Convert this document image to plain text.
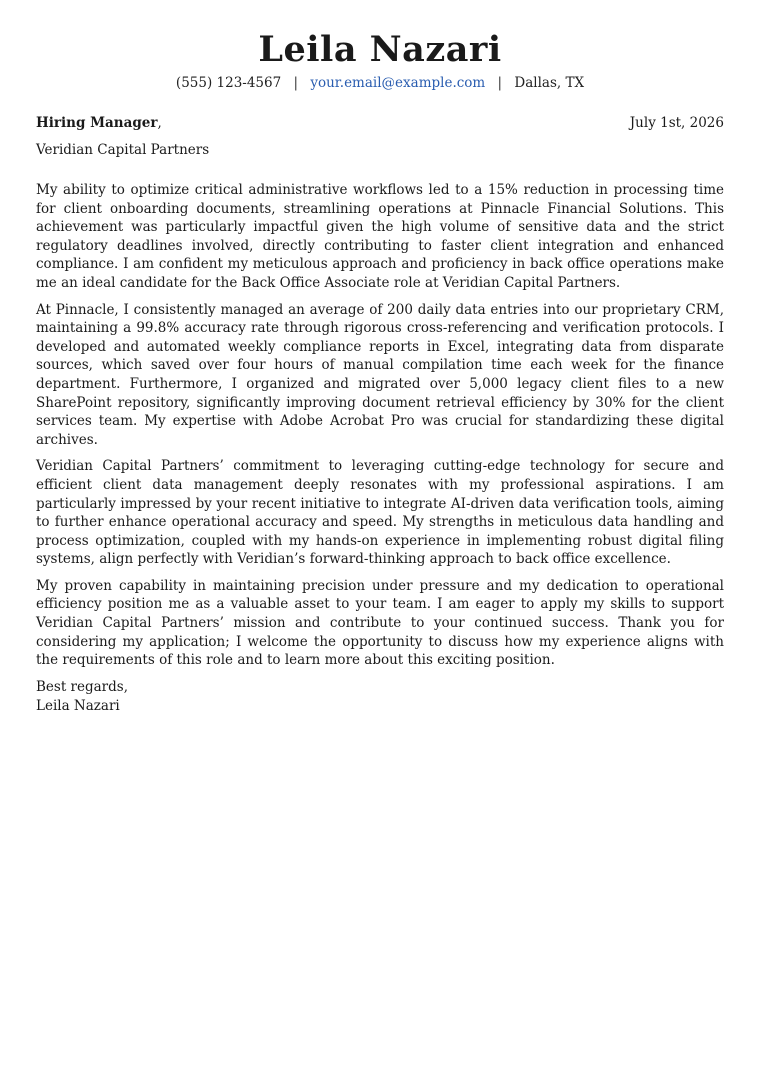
Leila Nazari
(555) 123-4567 | your.email@example.com | Dallas, TX
Hiring Manager,	July 1st, 2026
Veridian Capital Partners

My ability to optimize critical administrative workflows led to a 15% reduction in processing time for client onboarding documents, streamlining operations at Pinnacle Financial Solutions. This achievement was particularly impactful given the high volume of sensitive data and the strict regulatory deadlines involved, directly contributing to faster client integration and enhanced compliance. I am confident my meticulous approach and proficiency in back office operations make me an ideal candidate for the Back Office Associate role at Veridian Capital Partners.

At Pinnacle, I consistently managed an average of 200 daily data entries into our proprietary CRM, maintaining a 99.8% accuracy rate through rigorous cross-referencing and verification protocols. I developed and automated weekly compliance reports in Excel, integrating data from disparate sources, which saved over four hours of manual compilation time each week for the finance department. Furthermore, I organized and migrated over 5,000 legacy client files to a new SharePoint repository, significantly improving document retrieval efficiency by 30% for the client services team. My expertise with Adobe Acrobat Pro was crucial for standardizing these digital archives.

Veridian Capital Partners’ commitment to leveraging cutting-edge technology for secure and efficient client data management deeply resonates with my professional aspirations. I am particularly impressed by your recent initiative to integrate AI-driven data verification tools, aiming to further enhance operational accuracy and speed. My strengths in meticulous data handling and process optimization, coupled with my hands-on experience in implementing robust digital filing systems, align perfectly with Veridian’s forward-thinking approach to back office excellence.

My proven capability in maintaining precision under pressure and my dedication to operational efficiency position me as a valuable asset to your team. I am eager to apply my skills to support Veridian Capital Partners’ mission and contribute to your continued success. Thank you for considering my application; I welcome the opportunity to discuss how my experience aligns with the requirements of this role and to learn more about this exciting position.

Best regards,
Leila Nazari
